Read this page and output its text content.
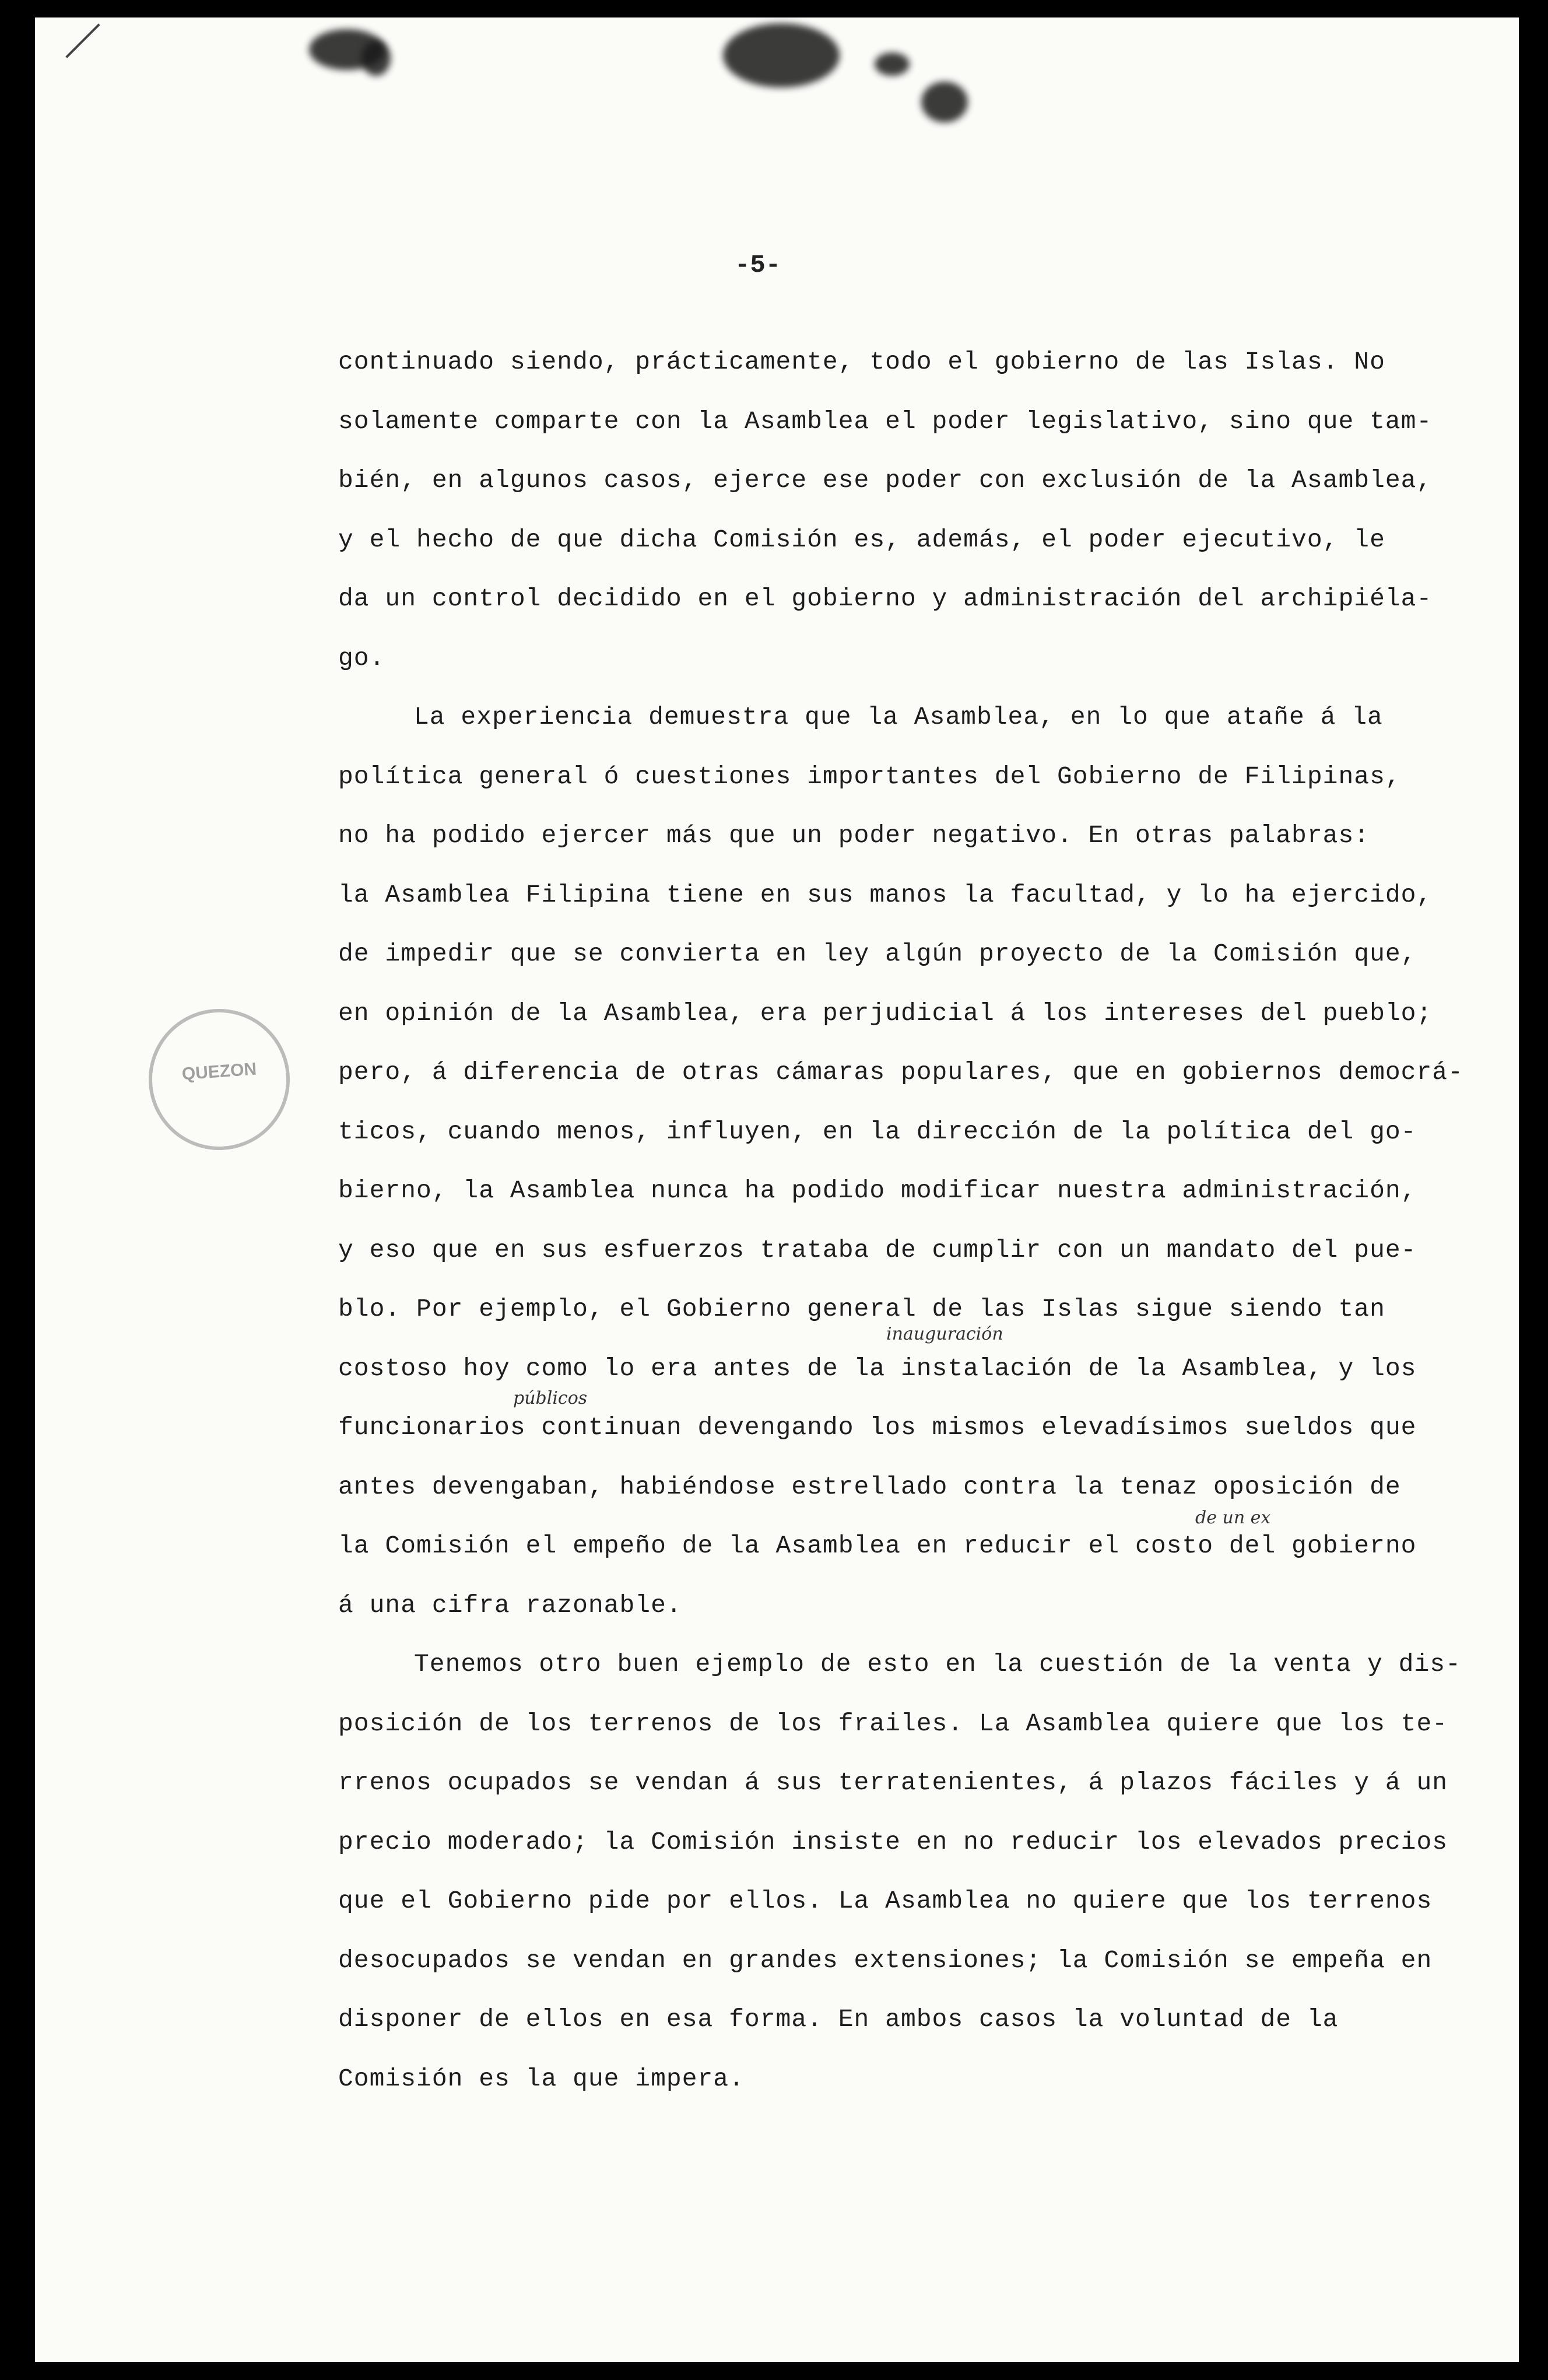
-5-
inauguración
públicos
de un ex
QUEZON
continuado siendo, prácticamente, todo el gobierno de las Islas. No
solamente comparte con la Asamblea el poder legislativo, sino que tam-
bién, en algunos casos, ejerce ese poder con exclusión de la Asamblea,
y el hecho de que dicha Comisión es, además, el poder ejecutivo, le
da un control decidido en el gobierno y administración del archipiéla-
go.
La experiencia demuestra que la Asamblea, en lo que atañe á la
política general ó cuestiones importantes del Gobierno de Filipinas,
no ha podido ejercer más que un poder negativo. En otras palabras:
la Asamblea Filipina tiene en sus manos la facultad, y lo ha ejercido,
de impedir que se convierta en ley algún proyecto de la Comisión que,
en opinión de la Asamblea, era perjudicial á los intereses del pueblo;
pero, á diferencia de otras cámaras populares, que en gobiernos democrá-
ticos, cuando menos, influyen, en la dirección de la política del go-
bierno, la Asamblea nunca ha podido modificar nuestra administración,
y eso que en sus esfuerzos trataba de cumplir con un mandato del pue-
blo. Por ejemplo, el Gobierno general de las Islas sigue siendo tan
costoso hoy como lo era antes de la instalación de la Asamblea, y los
funcionarios continuan devengando los mismos elevadísimos sueldos que
antes devengaban, habiéndose estrellado contra la tenaz oposición de
la Comisión el empeño de la Asamblea en reducir el costo del gobierno
á una cifra razonable.
Tenemos otro buen ejemplo de esto en la cuestión de la venta y dis-
posición de los terrenos de los frailes. La Asamblea quiere que los te-
rrenos ocupados se vendan á sus terratenientes, á plazos fáciles y á un
precio moderado; la Comisión insiste en no reducir los elevados precios
que el Gobierno pide por ellos. La Asamblea no quiere que los terrenos
desocupados se vendan en grandes extensiones; la Comisión se empeña en
disponer de ellos en esa forma. En ambos casos la voluntad de la
Comisión es la que impera.
